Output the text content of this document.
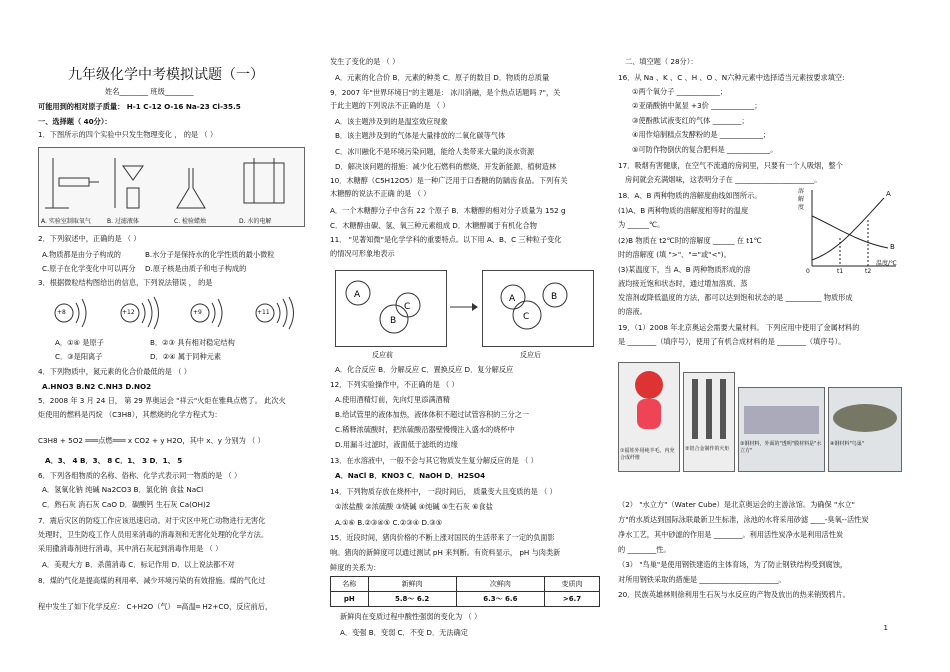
九年级化学中考模拟试题（一）
姓名________ 班级________
可能用到的相对原子质量： H-1 C-12 O-16 Na-23 Cl-35.5
一、选择题（ 40分）：
1．下图所示的四个实验中只发生物理变化 ， 的是 （ ）
A. 实验室制取氧气	B. 过滤液体	C. 检验蜡烛	D. 水的电解
2．下列叙述中，正确的是 （ ）
A.物质都是由分子构成的	B.水分子是保持水的化学性质的最小微粒
C.原子在化学变化中可以再分 D.原子核是由质子和电子构成的
3．根据微粒结构图给出的信息，下列说法错误 ， 的是
+8	+12	+9	+11
A．①④ 是原子	B．②③ 具有相对稳定结构
C．③是阳离子	D．②④ 属于同种元素
4．下列物质中，氮元素的化合价最低的是 （ ）
A.HNO3 B.N2 C.NH3 D.NO2
5．2008 年 3 月 24 日， 第 29 界奥运会 "祥云"火炬在雅典点燃了。 此次火
炬使用的燃料是丙烷 （C3H8），其燃烧的化学方程式为：
C3H8 + 5O2 ═══点燃═══ x CO2 + y H2O，其中 x、y 分别为 （ ）
A．3、 4 B．3、 8 C．1、 3 D．1、 5
6．下列各组物质的名称、俗称、化学式表示同一物质的是 （ ）
A．氢氧化钠 纯碱 Na2CO3 B．氯化钠 食盐 NaCl
C．熟石灰 消石灰 CaO D．碳酸钙 生石灰 Ca(OH)2
7．震后灾区的防疫工作应该迅速启动。对于灾区中死亡动物进行无害化
处理时，卫生防疫工作人员用来消毒的消毒剂和无害化处理的化学方法。
采用撒消毒剂进行消毒，其中消石灰起到消毒作用是 （ ）
A．美观大方 B．杀菌消毒 C．标记作用 D．以上说法都不对
8．煤的气化是提高煤的利用率、减少环境污染的有效措施。煤的气化过
程中发生了如下化学反应： C+H2O（气） ═高温═ H2+CO，反应前后，
发生了变化的是 （ ）
A．元素的化合价 B．元素的种类 C．原子的数目 D．物质的总质量
9．2007 年"世界环境日"的主题是： 冰川消融，是个热点话题吗 ?"，关
于此主题的下列说法不正确的是 （ ）
A．该主题涉及到的是温室效应现象
B．该主题涉及到的气体是大量排放的二氧化碳等气体
C．冰川融化不是环境污染问题，能给人类带来大量的淡水资源
D．解决该问题的措施：减少化石燃料的燃烧、开发新能源、植树造林
10．木糖醇（C5H12O5）是一种广泛用于口香糖的防龋齿食品。下列有关
木糖醇的说法不正确 的是 （ ）
A．一个木糖醇分子中含有 22 个原子 B．木糖醇的相对分子质量为 152 g
C．木糖醇由碳、氢、氧三种元素组成 D．木糖醇属于有机化合物
11． "见著知微"是化学学科的重要特点。以下用 A、B、C 三种粒子变化
的情况可形象地表示
A
B
C
反应前
A	B
C
反应后
A．化合反应 B．分解反应 C．置换反应 D．复分解反应
12．下列实验操作中，不正确的是 （ ）
A.使用酒精灯前，先向灯里添满酒精
B.给试管里的液体加热，液体体积不超过试管容积的三分之一
C.稀释浓硫酸时，把浓硫酸沿器壁慢慢注入盛水的烧杯中
D.用漏斗过滤时，液面低于滤纸的边缘
13．在水溶液中，一般不会与其它物质发生复分解反应的是 （ ）
A．NaCl B．KNO3 C．NaOH D．H2SO4
14．下列物质存放在烧杯中， 一段时间后， 质量变大且变质的是 （ ）
①浓盐酸 ②浓硫酸 ③烧碱 ④纯碱 ⑤生石灰 ⑥食盐
A.①⑥ B.②③④⑤ C.②③④ D.③⑤
15．近段时间，猪肉价格的不断上涨对国民的生活带来了一定的负面影
响。猪肉的新鲜度可以通过测试 pH 来判断。有资料显示， pH 与肉类新
鲜度的关系为：
名称	新鲜肉	次鲜肉	变质肉
pH	5.8～ 6.2	6.3～ 6.6	>6.7
新鲜肉在变质过程中酸性强弱的变化为 （ ）
A．变强 B．变弱 C．不变 D．无法确定
二、填空题（ 28分）：
16．从 Na 、K 、C 、H 、O 、N六种元素中选择适当元素按要求填空:
①两个氧分子 ____________；
②亚硝酸钠中氮显 +3价 ____________；
③使酚酞试液变红的气体 ________；
④用作焙制糕点发酵粉的是 ____________；
⑤可防作物倒伏的复合肥料是 ____________。
17．吸烟有害健康，在空气不流通的房间里，只要有一个人吸烟，整个
房间就会充满烟味，这表明分子在 ______________________。
18．A、B 两种物质的溶解度曲线如图所示。
(1)A、B 两种物质的溶解度相等时的温度
为 ______℃。
(2)B 物质在 t2℃时的溶解度 ______ 在 t1℃
时的溶解度 (填 ">"、"="或"<")。
(3)某温度下，当 A、B 两种物质形成的溶
液均接近饱和状态时，通过增加溶质、蒸
发溶剂或降低温度的方法，都可以达到饱和状态的是 __________ 物质形成
的溶液。
溶解度
A
B
0	t1	t2
温度/℃
19．（1）2008 年北京奥运会需要大量材料。 下列应用中使用了金属材料的
是 ________（填序号），使用了有机合成材料的是 ________（填序号）。
①福娃外用纯羊毛，内充合成纤维
②铝合金制作的火炬
③钢材料，外面的"透明"膜材料是"水立方"
④钢材料"鸟巢"
（2） "水立方"（Water Cube）是北京奥运会的主游泳馆。为确保 "水立"
方"的水质达到国际泳联最新卫生标准，泳池的水将采用砂滤 ____-臭氧--活性炭
净水工艺，其中砂滤的作用是 ________。利用活性炭净水是利用活性炭
的 ________性。
（3） "鸟巢"是使用钢铁建造的主体育场，为了防止钢铁结构受到腐蚀，
对所用钢铁采取的措施是 ______________________。
20．民族英雄林则徐利用生石灰与水反应的产物及放出的热来销毁鸦片。
1
